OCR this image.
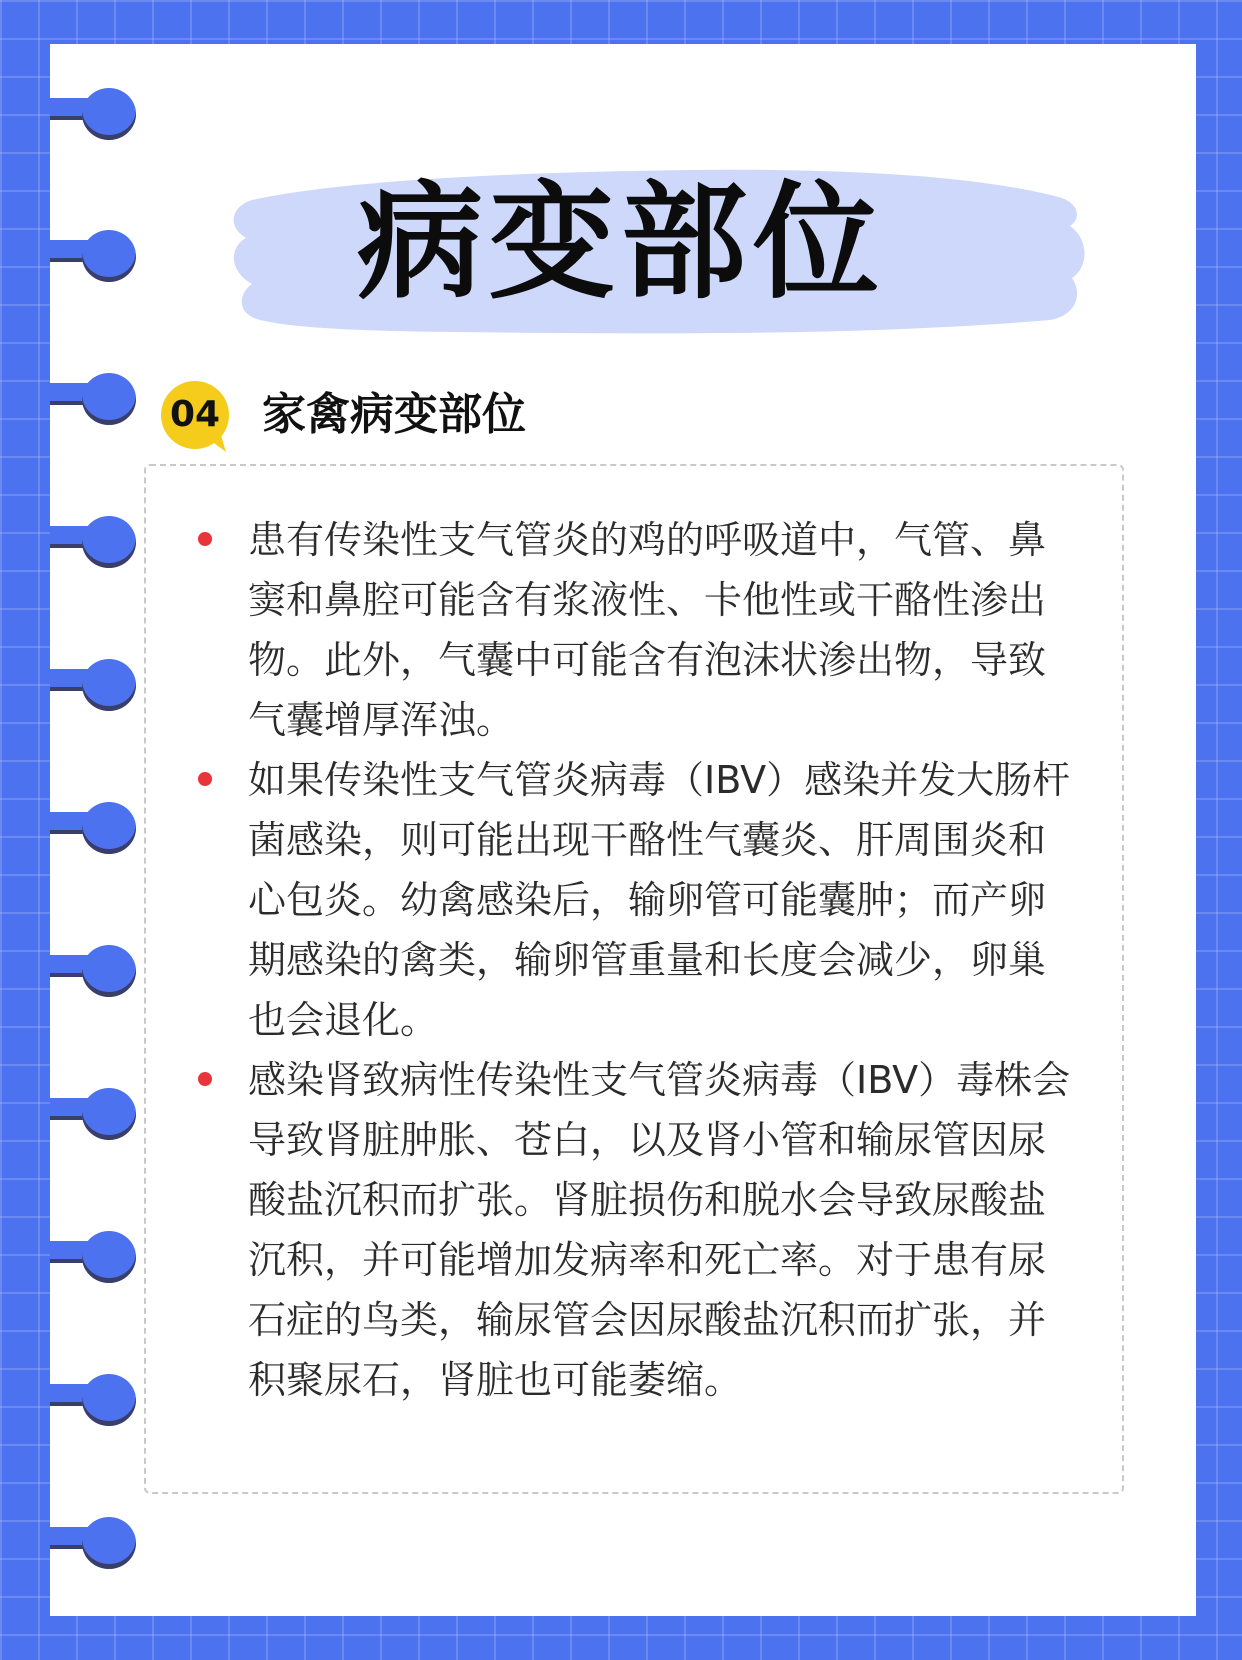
病变部位
04 家禽病变部位
患有传染性支气管炎的鸡的呼吸道中，气管、鼻窦和鼻腔可能含有浆液性、卡他性或干酪性渗出物。此外，气囊中可能含有泡沫状渗出物，导致气囊增厚浑浊。
如果传染性支气管炎病毒（IBV）感染并发大肠杆菌感染，则可能出现干酪性气囊炎、肝周围炎和心包炎。幼禽感染后，输卵管可能囊肿；而产卵期感染的禽类，输卵管重量和长度会减少，卵巢也会退化。
感染肾致病性传染性支气管炎病毒（IBV）毒株会导致肾脏肿胀、苍白，以及肾小管和输尿管因尿酸盐沉积而扩张。肾脏损伤和脱水会导致尿酸盐沉积，并可能增加发病率和死亡率。对于患有尿石症的鸟类，输尿管会因尿酸盐沉积而扩张，并积聚尿石，肾脏也可能萎缩。
